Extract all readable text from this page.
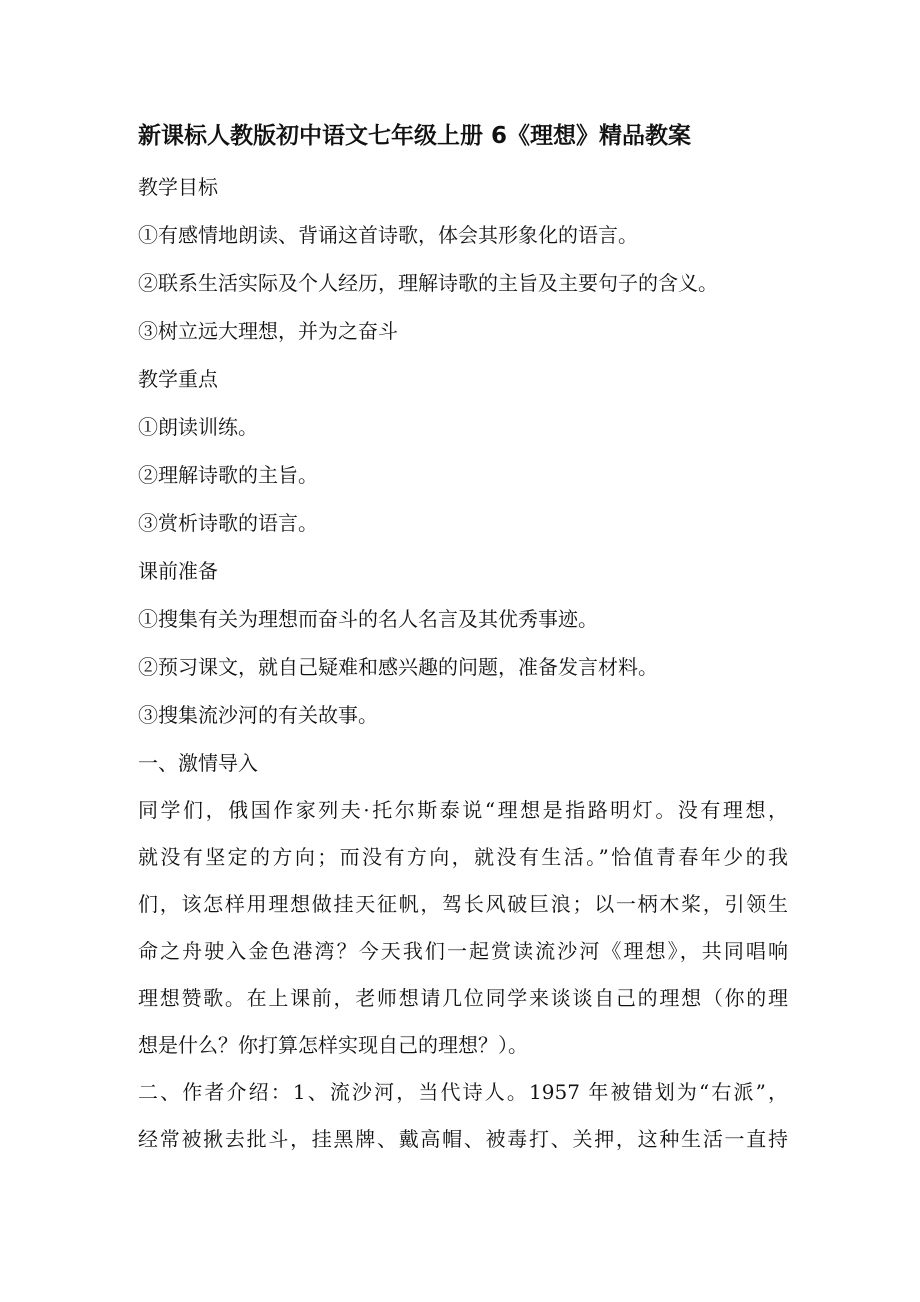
新课标人教版初中语文七年级上册 6《理想》精品教案
教学目标
①有感情地朗读、背诵这首诗歌，体会其形象化的语言。
②联系生活实际及个人经历，理解诗歌的主旨及主要句子的含义。
③树立远大理想，并为之奋斗
教学重点
①朗读训练。
②理解诗歌的主旨。
③赏析诗歌的语言。
课前准备
①搜集有关为理想而奋斗的名人名言及其优秀事迹。
②预习课文，就自己疑难和感兴趣的问题，准备发言材料。
③搜集流沙河的有关故事。
一、激情导入
同学们，俄国作家列夫·托尔斯泰说“理想是指路明灯。没有理想，
就没有坚定的方向；而没有方向，就没有生活。”恰值青春年少的我
们，该怎样用理想做挂天征帆，驾长风破巨浪；以一柄木桨，引领生
命之舟驶入金色港湾？今天我们一起赏读流沙河《理想》，共同唱响
理想赞歌。在上课前，老师想请几位同学来谈谈自己的理想（你的理
想是什么？你打算怎样实现自己的理想？）。
二、作者介绍：1、流沙河，当代诗人。1957 年被错划为“右派”，
经常被揪去批斗，挂黑牌、戴高帽、被毒打、关押，这种生活一直持
